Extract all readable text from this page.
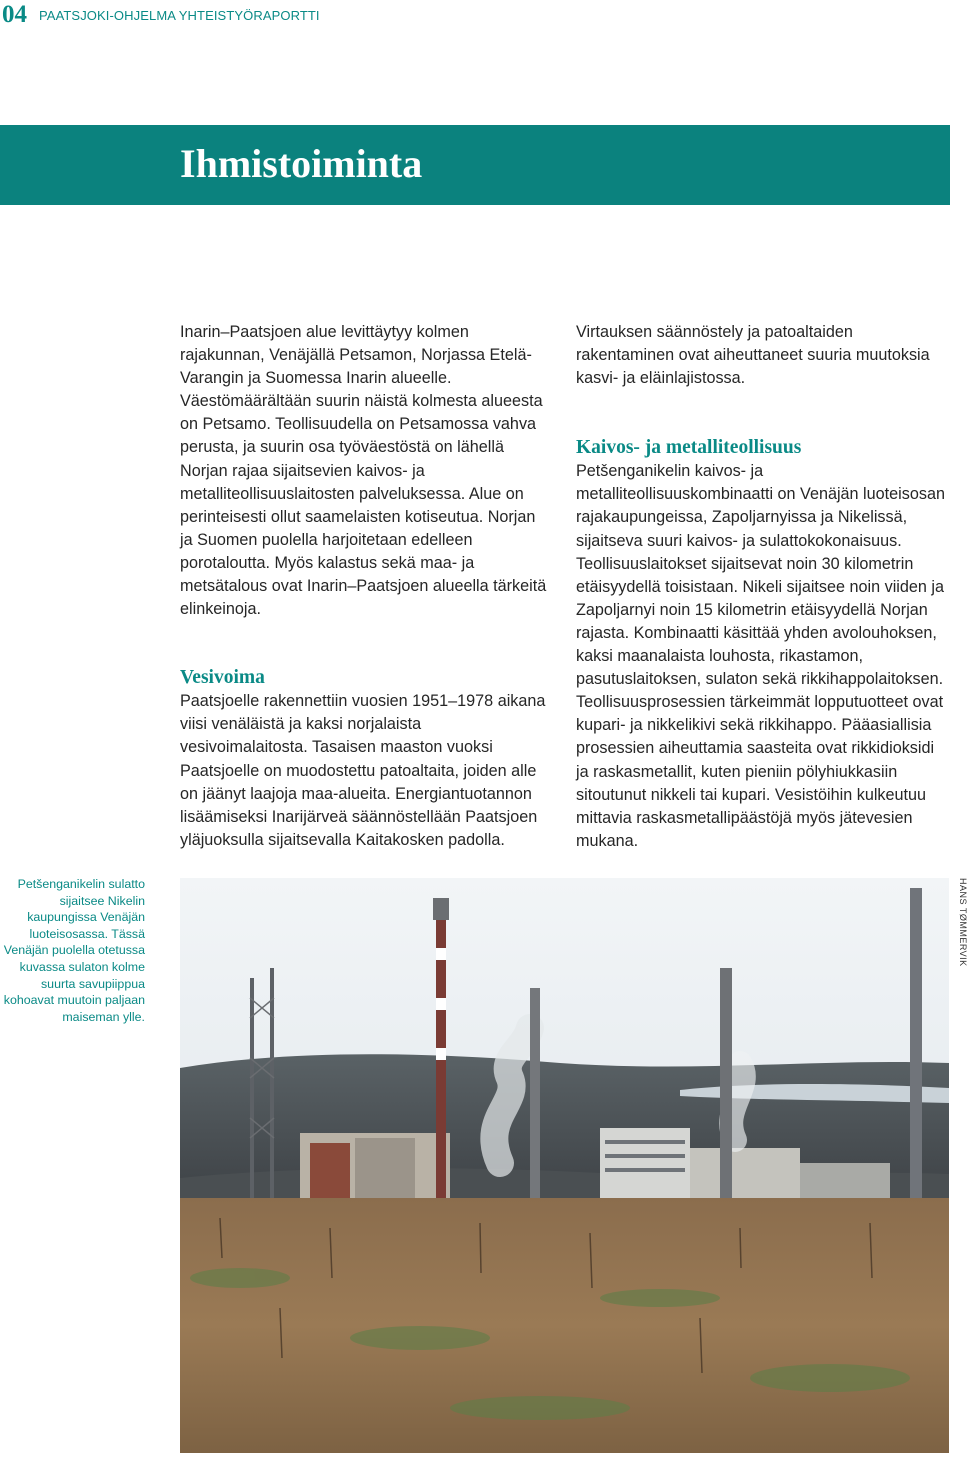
04 PAATSJOKI-OHJELMA YHTEISTYÖRAPORTTI
Ihmistoiminta

Inarin–Paatsjoen alue levittäytyy kolmen rajakunnan, Venäjällä Petsamon, Norjassa Etelä-Varangin ja Suomessa Inarin alueelle. Väestömäärältään suurin näistä kolmesta alueesta on Petsamo. Teollisuudella on Petsamossa vahva perusta, ja suurin osa työväestöstä on lähellä Norjan rajaa sijaitsevien kaivos- ja metalliteollisuuslaitosten palveluksessa. Alue on perinteisesti ollut saamelaisten kotiseutua. Norjan ja Suomen puolella harjoitetaan edelleen porotaloutta. Myös kalastus sekä maa- ja metsätalous ovat Inarin–Paatsjoen alueella tärkeitä elinkeinoja.

Vesivoima

Paatsjoelle rakennettiin vuosien 1951–1978 aikana viisi venäläistä ja kaksi norjalaista vesivoimalaitosta. Tasaisen maaston vuoksi Paatsjoelle on muodostettu patoaltaita, joiden alle on jäänyt laajoja maa-alueita. Energiantuotannon lisäämiseksi Inarijärveä säännöstellään Paatsjoen yläjuoksulla sijaitsevalla Kaitakosken padolla.

Virtauksen säännöstely ja patoaltaiden rakentaminen ovat aiheuttaneet suuria muutoksia kasvi- ja eläinlajistossa.

Kaivos- ja metalliteollisuus

Petšenganikelin kaivos- ja metalliteollisuuskombinaatti on Venäjän luoteisosan rajakaupungeissa, Zapoljarnyissa ja Nikelissä, sijaitseva suuri kaivos- ja sulattokokonaisuus. Teollisuuslaitokset sijaitsevat noin 30 kilometrin etäisyydellä toisistaan. Nikeli sijaitsee noin viiden ja Zapoljarnyi noin 15 kilometrin etäisyydellä Norjan rajasta. Kombinaatti käsittää yhden avolouhoksen, kaksi maanalaista louhosta, rikastamon, pasutuslaitoksen, sulaton sekä rikkihappolaitoksen. Teollisuusprosessien tärkeimmät lopputuotteet ovat kupari- ja nikkelikivi sekä rikkihappo. Pääasiallisia prosessien aiheuttamia saasteita ovat rikkidioksidi ja raskasmetallit, kuten pieniin pölyhiukkasiin sitoutunut nikkeli tai kupari. Vesistöihin kulkeutuu mittavia raskasmetallipäästöjä myös jätevesien mukana.

Petšenganikelin sulatto sijaitsee Nikelin kaupungissa Venäjän luoteisosassa. Tässä Venäjän puolella otetussa kuvassa sulaton kolme suurta savupiippua kohoavat muutoin paljaan maiseman ylle.
HANS TØMMERVIK
